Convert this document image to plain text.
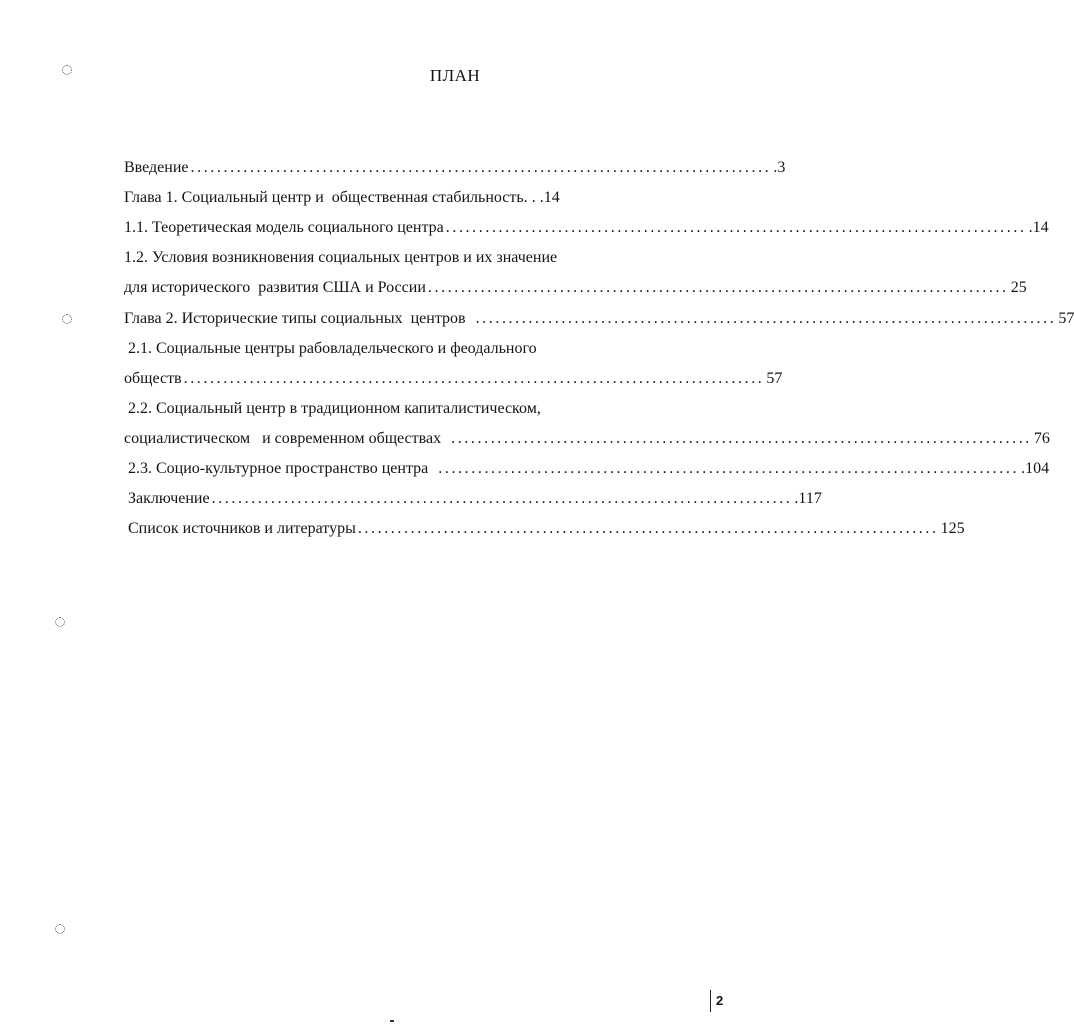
ПЛАН
Введение ........................................................................................ .3
Глава 1. Социальный центр и  общественная стабильность. . .14
1.1. Теоретическая модель социального центра ........................................................................................ .14
1.2. Условия возникновения социальных центров и их значение
для исторического  развития США и России ........................................................................................ 25
Глава 2. Исторические типы социальных  центров ........................................................................................ 57
2.1. Социальные центры рабовладельческого и феодального
обществ ........................................................................................ 57
2.2. Социальный центр в традиционном капиталистическом,
социалистическом   и современном обществах ........................................................................................ 76
2.3. Социо-культурное пространство центра ........................................................................................ .104
Заключение ........................................................................................ .117
Список источников и литературы ........................................................................................ 125
2
